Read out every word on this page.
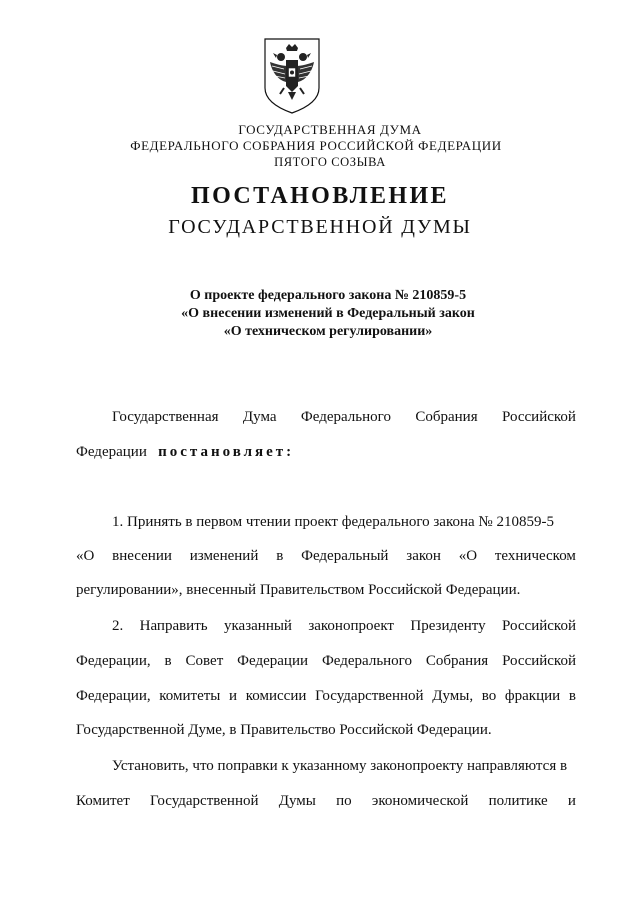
ГОСУДАРСТВЕННАЯ ДУМА
ФЕДЕРАЛЬНОГО СОБРАНИЯ РОССИЙСКОЙ ФЕДЕРАЦИИ
ПЯТОГО СОЗЫВА
ПОСТАНОВЛЕНИЕ
ГОСУДАРСТВЕННОЙ ДУМЫ
О проекте федерального закона № 210859-5
«О внесении изменений в Федеральный закон
«О техническом регулировании»
Государственная Дума Федерального Собрания Российской
Федерации постановляет:
1. Принять в первом чтении проект федерального закона № 210859-5
«О внесении изменений в Федеральный закон «О техническом
регулировании», внесенный Правительством Российской Федерации.
2. Направить указанный законопроект Президенту Российской
Федерации, в Совет Федерации Федерального Собрания Российской
Федерации, комитеты и комиссии Государственной Думы, во фракции в
Государственной Думе, в Правительство Российской Федерации.
Установить, что поправки к указанному законопроекту направляются в
Комитет Государственной Думы по экономической политике и
